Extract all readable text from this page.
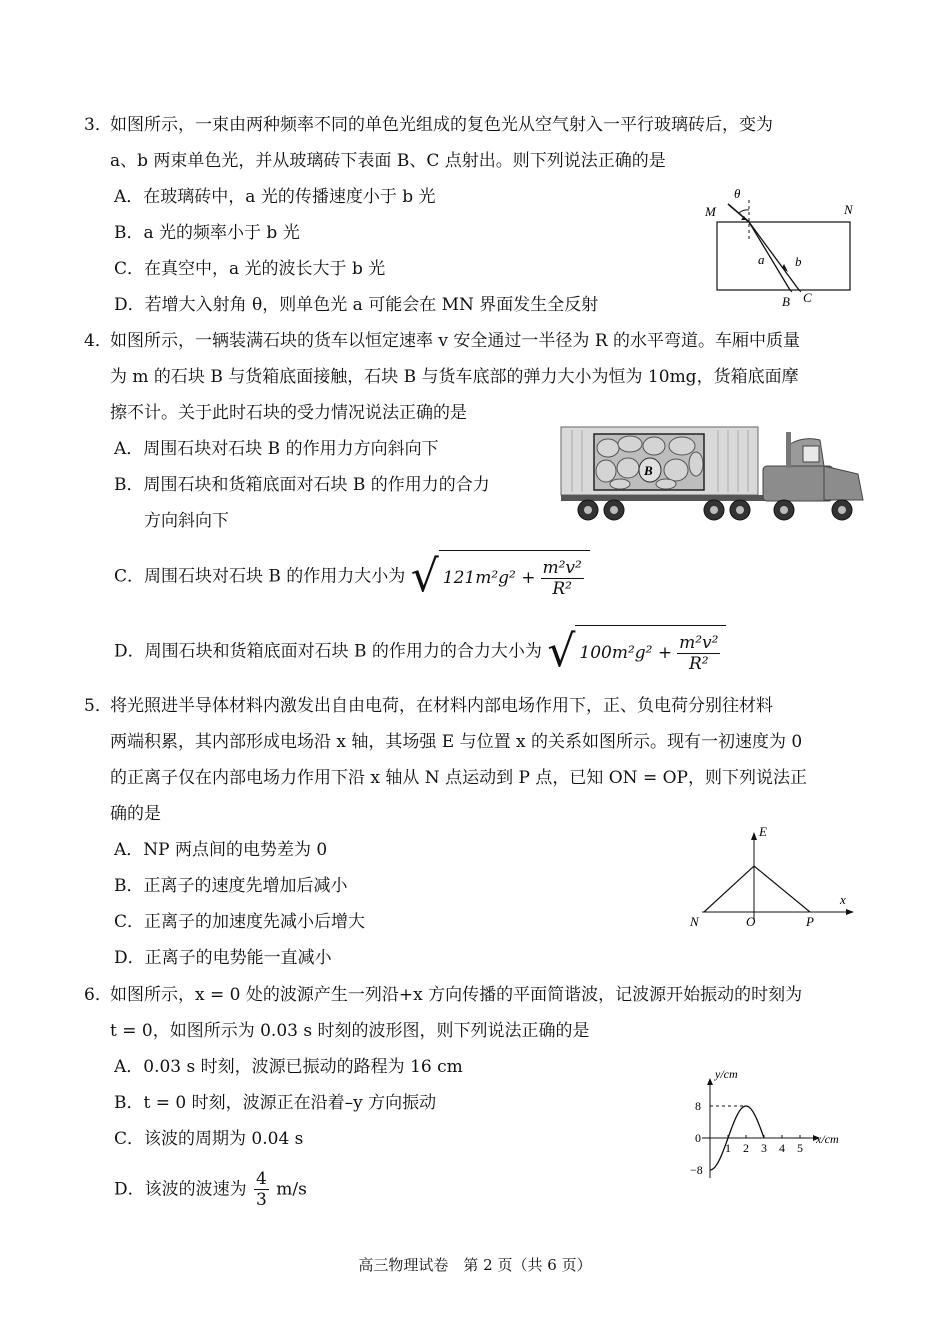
3．
如图所示，一束由两种频率不同的单色光组成的复色光从空气射入一平行玻璃砖后，变为
a、b 两束单色光，并从玻璃砖下表面 B、C 点射出。则下列说法正确的是
A．在玻璃砖中，a 光的传播速度小于 b 光
B．a 光的频率小于 b 光
C．在真空中，a 光的波长大于 b 光
D．若增大入射角 θ，则单色光 a 可能会在 MN 界面发生全反射
θ
M	N
a b
B C
4．
如图所示，一辆装满石块的货车以恒定速率 v 安全通过一半径为 R 的水平弯道。车厢中质量
为 m 的石块 B 与货箱底面接触，石块 B 与货车底部的弹力大小为恒为 10mg，货箱底面摩
擦不计。关于此时石块的受力情况说法正确的是
A．周围石块对石块 B 的作用力方向斜向下
B．周围石块和货箱底面对石块 B 的作用力的合力
方向斜向下
C．周围石块对石块 B 的作用力大小为 √ $121m^2g^2 + \frac{\text{m²v²}}{\text{R²}}$
D．周围石块和货箱底面对石块 B 的作用力的合力大小为 √ $100m^2g^2 + \frac{\text{m²v²}}{\text{R²}}$
B
5．
将光照进半导体材料内激发出自由电荷，在材料内部电场作用下，正、负电荷分别往材料
两端积累，其内部形成电场沿 x 轴，其场强 E 与位置 x 的关系如图所示。现有一初速度为 0
的正离子仅在内部电场力作用下沿 x 轴从 N 点运动到 P 点，已知 ON = OP，则下列说法正
确的是
A．NP 两点间的电势差为 0
B．正离子的速度先增加后减小
C．正离子的加速度先减小后增大
D．正离子的电势能一直减小
E
x
N	O	P
6．
如图所示，x = 0 处的波源产生一列沿+x 方向传播的平面简谐波，记波源开始振动的时刻为
t = 0，如图所示为 0.03 s 时刻的波形图，则下列说法正确的是
A．0.03 s 时刻，波源已振动的路程为 16 cm
B．t = 0 时刻，波源正在沿着–y 方向振动
C．该波的周期为 0.04 s
D．该波的波速为 $\frac{4}{3} m/s$
1 2 3 4 5
8
0
−8
y/cm
x/cm
高三物理试卷　第 2 页（共 6 页）
